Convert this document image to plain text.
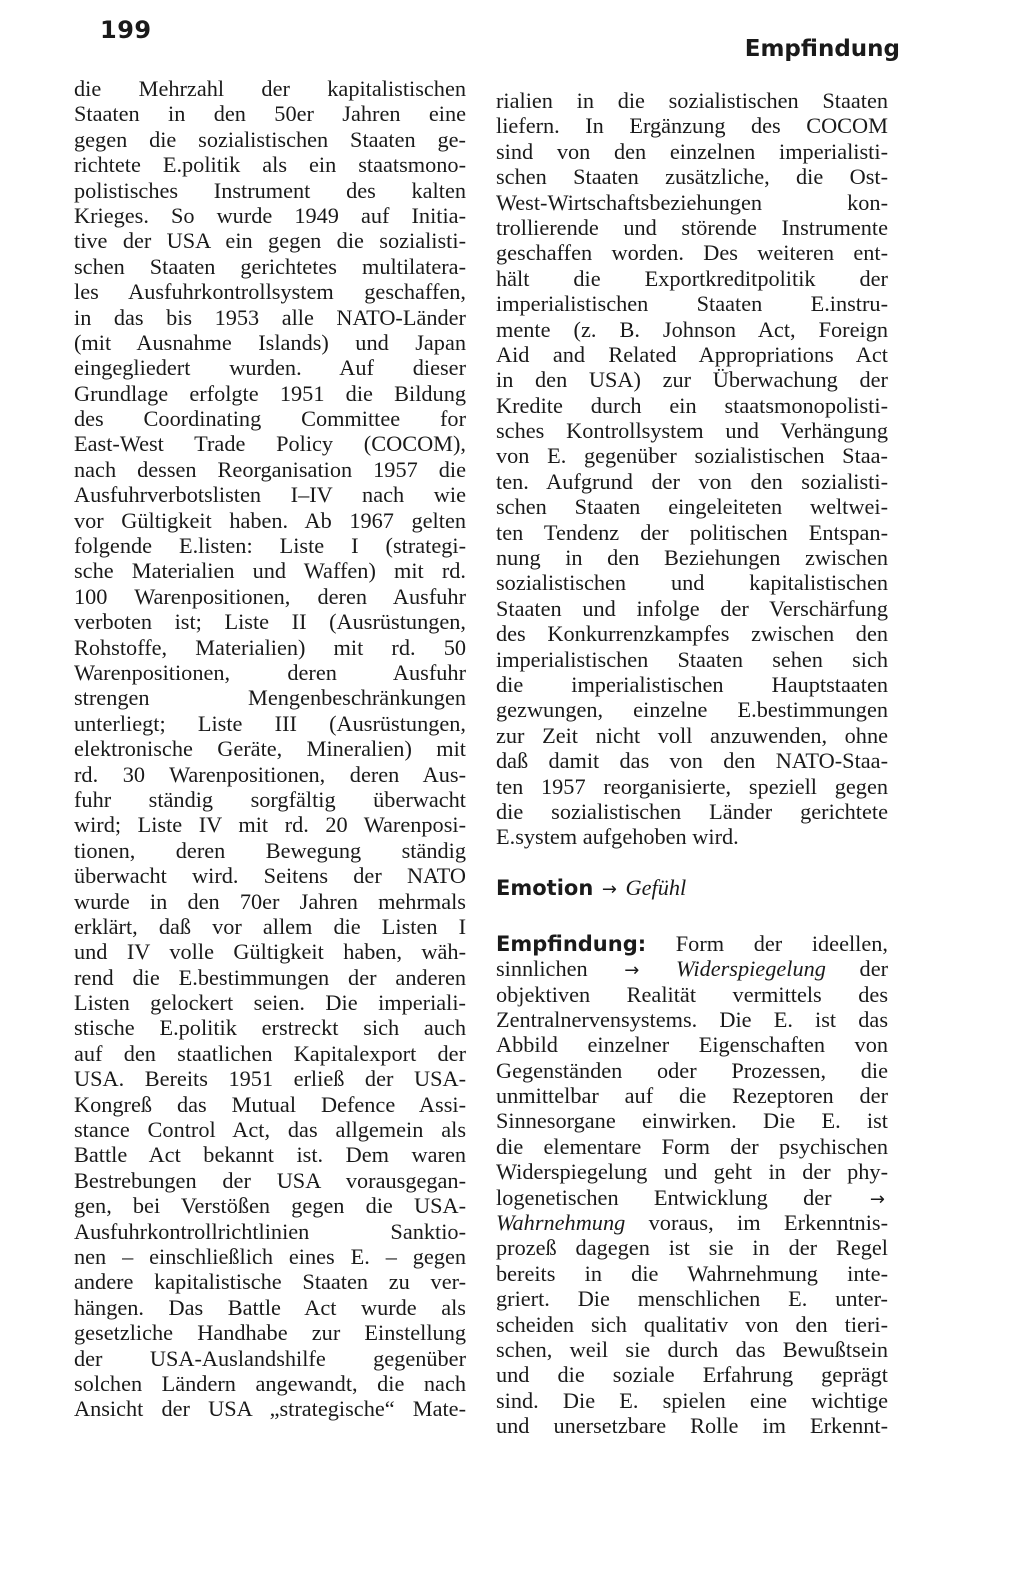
199
Empfindung
die Mehrzahl der kapitalistischen
Staaten in den 50er Jahren eine
gegen die sozialistischen Staaten ge-
richtete E.politik als ein staatsmono-
polistisches Instrument des kalten
Krieges. So wurde 1949 auf Initia-
tive der USA ein gegen die sozialisti-
schen Staaten gerichtetes multilatera-
les Ausfuhrkontrollsystem geschaffen,
in das bis 1953 alle NATO-Länder
(mit Ausnahme Islands) und Japan
eingegliedert wurden. Auf dieser
Grundlage erfolgte 1951 die Bildung
des Coordinating Committee for
East-West Trade Policy (COCOM),
nach dessen Reorganisation 1957 die
Ausfuhrverbotslisten I–IV nach wie
vor Gültigkeit haben. Ab 1967 gelten
folgende E.listen: Liste I (strategi-
sche Materialien und Waffen) mit rd.
100 Warenpositionen, deren Ausfuhr
verboten ist; Liste II (Ausrüstungen,
Rohstoffe, Materialien) mit rd. 50
Warenpositionen, deren Ausfuhr
strengen Mengenbeschränkungen
unterliegt; Liste III (Ausrüstungen,
elektronische Geräte, Mineralien) mit
rd. 30 Warenpositionen, deren Aus-
fuhr ständig sorgfältig überwacht
wird; Liste IV mit rd. 20 Warenposi-
tionen, deren Bewegung ständig
überwacht wird. Seitens der NATO
wurde in den 70er Jahren mehrmals
erklärt, daß vor allem die Listen I
und IV volle Gültigkeit haben, wäh-
rend die E.bestimmungen der anderen
Listen gelockert seien. Die imperiali-
stische E.politik erstreckt sich auch
auf den staatlichen Kapitalexport der
USA. Bereits 1951 erließ der USA-
Kongreß das Mutual Defence Assi-
stance Control Act, das allgemein als
Battle Act bekannt ist. Dem waren
Bestrebungen der USA vorausgegan-
gen, bei Verstößen gegen die USA-
Ausfuhrkontrollrichtlinien Sanktio-
nen – einschließlich eines E. – gegen
andere kapitalistische Staaten zu ver-
hängen. Das Battle Act wurde als
gesetzliche Handhabe zur Einstellung
der USA-Auslandshilfe gegenüber
solchen Ländern angewandt, die nach
Ansicht der USA „strategische“ Mate-
rialien in die sozialistischen Staaten
liefern. In Ergänzung des COCOM
sind von den einzelnen imperialisti-
schen Staaten zusätzliche, die Ost-
West-Wirtschaftsbeziehungen kon-
trollierende und störende Instrumente
geschaffen worden. Des weiteren ent-
hält die Exportkreditpolitik der
imperialistischen Staaten E.instru-
mente (z. B. Johnson Act, Foreign
Aid and Related Appropriations Act
in den USA) zur Überwachung der
Kredite durch ein staatsmonopolisti-
sches Kontrollsystem und Verhängung
von E. gegenüber sozialistischen Staa-
ten. Aufgrund der von den sozialisti-
schen Staaten eingeleiteten weltwei-
ten Tendenz der politischen Entspan-
nung in den Beziehungen zwischen
sozialistischen und kapitalistischen
Staaten und infolge der Verschärfung
des Konkurrenzkampfes zwischen den
imperialistischen Staaten sehen sich
die imperialistischen Hauptstaaten
gezwungen, einzelne E.bestimmungen
zur Zeit nicht voll anzuwenden, ohne
daß damit das von den NATO-Staa-
ten 1957 reorganisierte, speziell gegen
die sozialistischen Länder gerichtete
E.system aufgehoben wird.
Emotion → Gefühl
Empfindung: Form der ideellen,
sinnlichen → Widerspiegelung der
objektiven Realität vermittels des
Zentralnervensystems. Die E. ist das
Abbild einzelner Eigenschaften von
Gegenständen oder Prozessen, die
unmittelbar auf die Rezeptoren der
Sinnesorgane einwirken. Die E. ist
die elementare Form der psychischen
Widerspiegelung und geht in der phy-
logenetischen Entwicklung der →
Wahrnehmung voraus, im Erkenntnis-
prozeß dagegen ist sie in der Regel
bereits in die Wahrnehmung inte-
griert. Die menschlichen E. unter-
scheiden sich qualitativ von den tieri-
schen, weil sie durch das Bewußtsein
und die soziale Erfahrung geprägt
sind. Die E. spielen eine wichtige
und unersetzbare Rolle im Erkennt-
